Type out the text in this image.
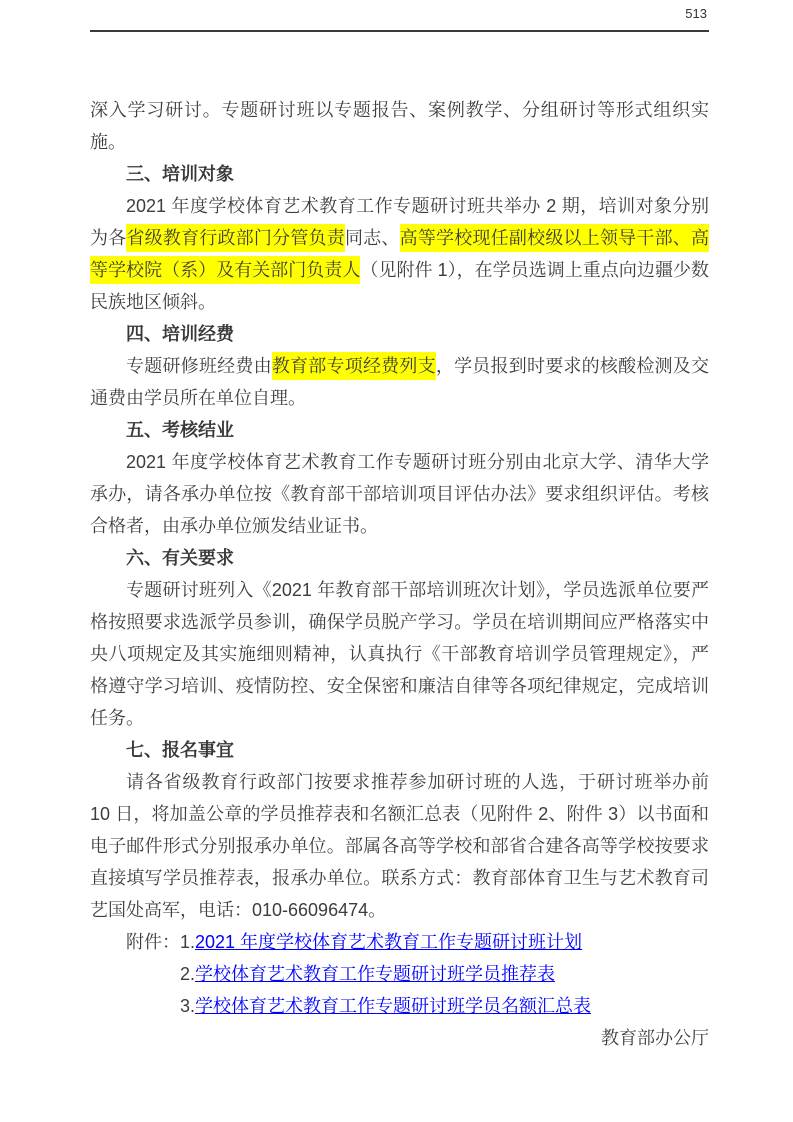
513

深入学习研讨。专题研讨班以专题报告、案例教学、分组研讨等形式组织实施。

三、培训对象

2021 年度学校体育艺术教育工作专题研讨班共举办 2 期，培训对象分别为各省级教育行政部门分管负责同志、高等学校现任副校级以上领导干部、高等学校院（系）及有关部门负责人（见附件 1），在学员选调上重点向边疆少数民族地区倾斜。

四、培训经费

专题研修班经费由教育部专项经费列支，学员报到时要求的核酸检测及交通费由学员所在单位自理。

五、考核结业

2021 年度学校体育艺术教育工作专题研讨班分别由北京大学、清华大学承办，请各承办单位按《教育部干部培训项目评估办法》要求组织评估。考核合格者，由承办单位颁发结业证书。

六、有关要求

专题研讨班列入《2021 年教育部干部培训班次计划》，学员选派单位要严格按照要求选派学员参训，确保学员脱产学习。学员在培训期间应严格落实中央八项规定及其实施细则精神，认真执行《干部教育培训学员管理规定》，严格遵守学习培训、疫情防控、安全保密和廉洁自律等各项纪律规定，完成培训任务。

七、报名事宜

请各省级教育行政部门按要求推荐参加研讨班的人选，于研讨班举办前 10 日，将加盖公章的学员推荐表和名额汇总表（见附件 2、附件 3）以书面和电子邮件形式分别报承办单位。部属各高等学校和部省合建各高等学校按要求直接填写学员推荐表，报承办单位。联系方式：教育部体育卫生与艺术教育司艺国处高军，电话：010-66096474。

附件： 1. 2021 年度学校体育艺术教育工作专题研讨班计划
2. 学校体育艺术教育工作专题研讨班学员推荐表
3. 学校体育艺术教育工作专题研讨班学员名额汇总表
教育部办公厅
